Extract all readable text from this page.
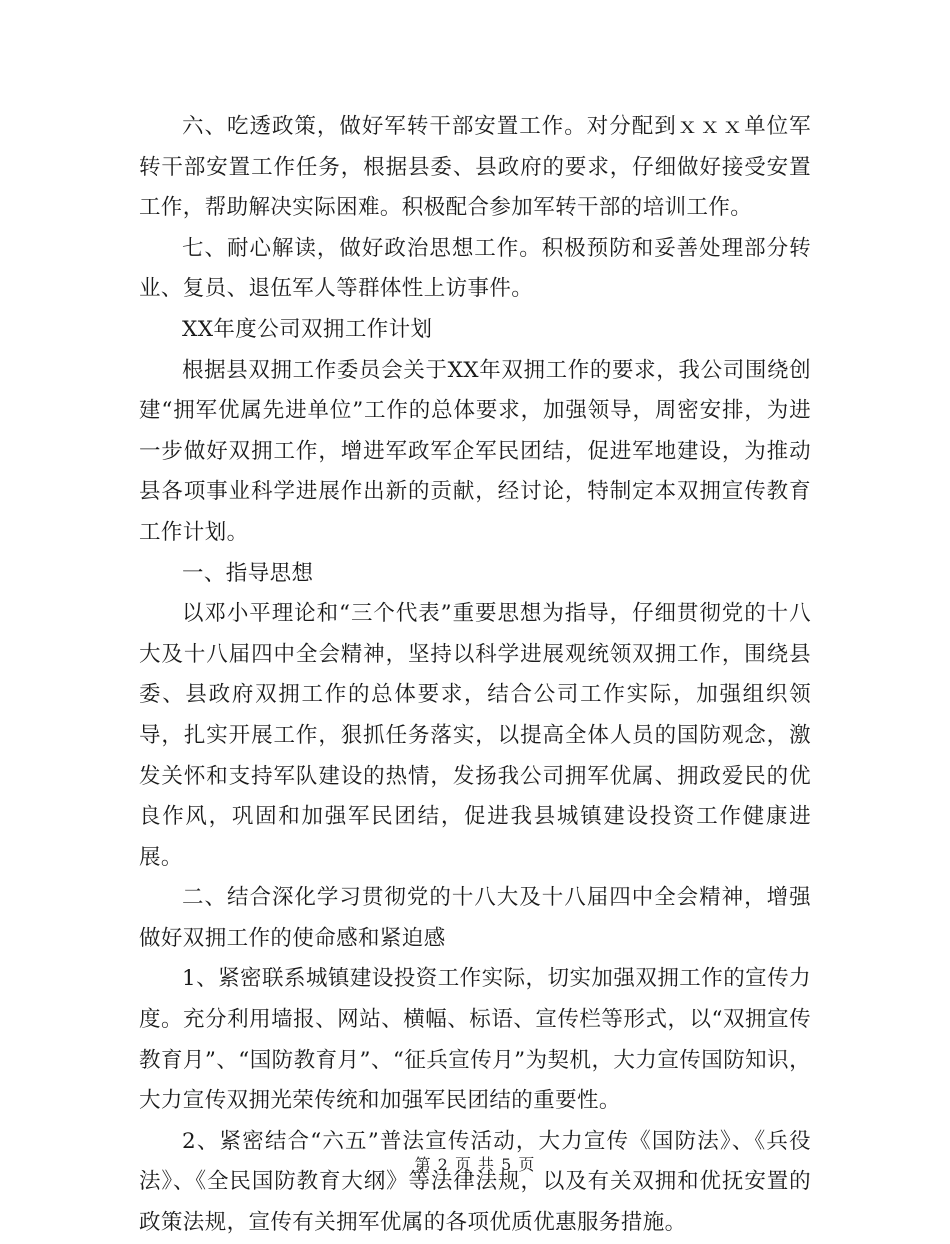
六、吃透政策，做好军转干部安置工作。对分配到ｘｘｘ单位军转干部安置工作任务，根据县委、县政府的要求，仔细做好接受安置工作，帮助解决实际困难。积极配合参加军转干部的培训工作。

七、耐心解读，做好政治思想工作。积极预防和妥善处理部分转业、复员、退伍军人等群体性上访事件。

XX年度公司双拥工作计划

根据县双拥工作委员会关于XX年双拥工作的要求，我公司围绕创建“拥军优属先进单位”工作的总体要求，加强领导，周密安排，为进一步做好双拥工作，增进军政军企军民团结，促进军地建设，为推动县各项事业科学进展作出新的贡献，经讨论，特制定本双拥宣传教育工作计划。

一、指导思想

以邓小平理论和“三个代表”重要思想为指导，仔细贯彻党的十八大及十八届四中全会精神，坚持以科学进展观统领双拥工作，围绕县委、县政府双拥工作的总体要求，结合公司工作实际，加强组织领导，扎实开展工作，狠抓任务落实，以提高全体人员的国防观念，激发关怀和支持军队建设的热情，发扬我公司拥军优属、拥政爱民的优良作风，巩固和加强军民团结，促进我县城镇建设投资工作健康进展。

二、结合深化学习贯彻党的十八大及十八届四中全会精神，增强做好双拥工作的使命感和紧迫感

1、紧密联系城镇建设投资工作实际，切实加强双拥工作的宣传力度。充分利用墙报、网站、横幅、标语、宣传栏等形式，以“双拥宣传教育月”、“国防教育月”、“征兵宣传月”为契机，大力宣传国防知识，大力宣传双拥光荣传统和加强军民团结的重要性。

2、紧密结合“六五”普法宣传活动，大力宣传《国防法》、《兵役法》、《全民国防教育大纲》等法律法规，以及有关双拥和优抚安置的政策法规，宣传有关拥军优属的各项优质优惠服务措施。

第 2 页 共 5 页
